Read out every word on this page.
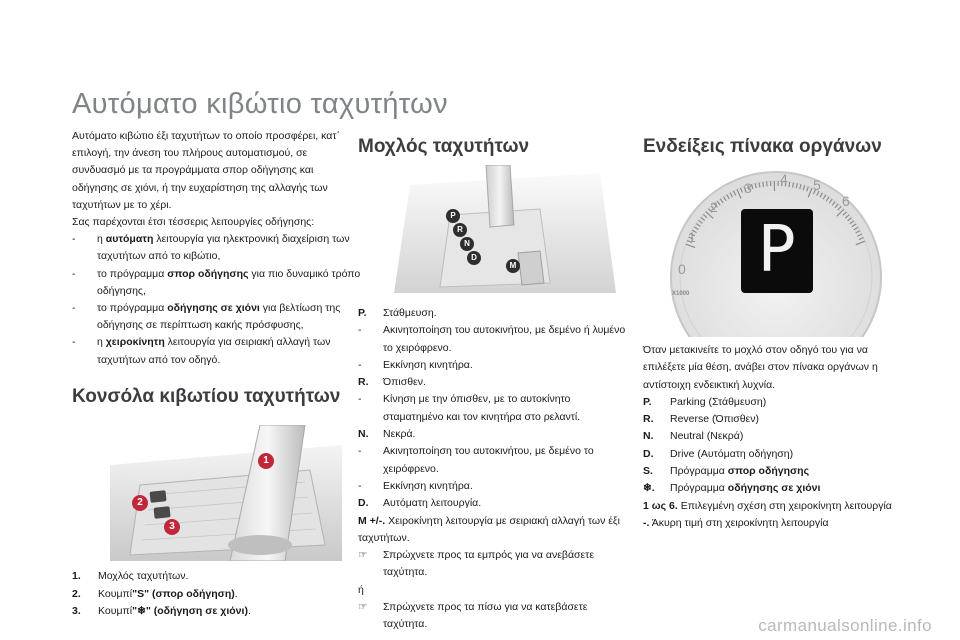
Αυτόματο κιβώτιο ταχυτήτων

Αυτόματο κιβώτιο έξι ταχυτήτων το οποίο προσφέρει, κατ΄ επιλογή, την άνεση του πλήρους αυτοματισμού, σε συνδυασμό με τα προγράμματα σπορ οδήγησης και οδήγησης σε χιόνι, ή την ευχαρίστηση της αλλαγής των ταχυτήτων με το χέρι.

Σας παρέχονται έτσι τέσσερις λειτουργίες οδήγησης:

- η αυτόματη λειτουργία για ηλεκτρονική διαχείριση των ταχυτήτων από το κιβώτιο,
- το πρόγραμμα σπορ οδήγησης για πιο δυναμικό τρόπο οδήγησης,
- το πρόγραμμα οδήγησης σε χιόνι για βελτίωση της οδήγησης σε περίπτωση κακής πρόσφυσης,
- η χειροκίνητη λειτουργία για σειριακή αλλαγή των ταχυτήτων από τον οδηγό.
Κονσόλα κιβωτίου ταχυτήτων
1
2
3
1.	Μοχλός ταχυτήτων.
2.	Κουμπί "S" (σπορ οδήγηση) .
3.	Κουμπί "❄" (οδήγηση σε χιόνι) .
Μοχλός ταχυτήτων
P
R
N
D
M
P. Στάθμευση.
- Ακινητοποίηση του αυτοκινήτου, με δεμένο ή λυμένο το χειρόφρενο.
- Εκκίνηση κινητήρα.
R. Όπισθεν.
- Κίνηση με την όπισθεν, με το αυτοκίνητο σταματημένο και τον κινητήρα στο ρελαντί.
N. Νεκρά.
- Ακινητοποίηση του αυτοκινήτου, με δεμένο το χειρόφρενο.
- Εκκίνηση κινητήρα.
D. Αυτόματη λειτουργία.
M +/-. Χειροκίνητη λειτουργία με σειριακή αλλαγή των έξι ταχυτήτων.
☞ Σπρώχνετε προς τα εμπρός για να ανεβάσετε ταχύτητα.
ή
☞ Σπρώχνετε προς τα πίσω για να κατεβάσετε ταχύτητα.
Ενδείξεις πίνακα οργάνων
P
X1000
0
1
2
3
4 5
6
Όταν μετακινείτε το μοχλό στον οδηγό του για να επιλέξετε μία θέση, ανάβει στον πίνακα οργάνων η αντίστοιχη ενδεικτική λυχνία.
P. Parking (Στάθμευση)
R. Reverse (Όπισθεν)
N. Neutral (Νεκρά)
D. Drive (Αυτόματη οδήγηση)
S. Πρόγραμμα σπορ οδήγησης
❄. Πρόγραμμα οδήγησης σε χιόνι
1 ως 6. Επιλεγμένη σχέση στη χειροκίνητη λειτουργία
-. Άκυρη τιμή στη χειροκίνητη λειτουργία
carmanualsonline.info
